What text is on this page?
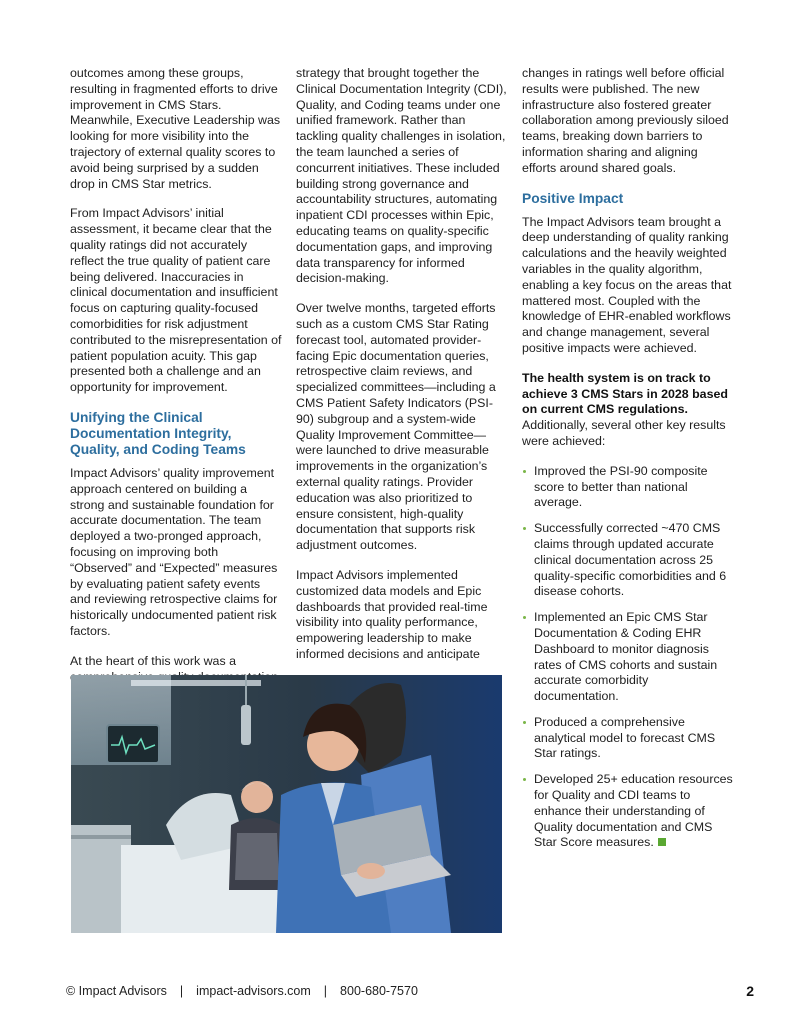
outcomes among these groups, resulting in fragmented efforts to drive improvement in CMS Stars. Meanwhile, Executive Leadership was looking for more visibility into the trajectory of external quality scores to avoid being surprised by a sudden drop in CMS Star metrics.

From Impact Advisors’ initial assessment, it became clear that the quality ratings did not accurately reflect the true quality of patient care being delivered. Inaccuracies in clinical documentation and insufficient focus on capturing quality-focused comorbidities for risk adjustment contributed to the misrepresentation of patient population acuity. This gap presented both a challenge and an opportunity for improvement.

Unifying the Clinical Documentation Integrity, Quality, and Coding Teams

Impact Advisors’ quality improvement approach centered on building a strong and sustainable foundation for accurate documentation. The team deployed a two-pronged approach, focusing on improving both “Observed” and “Expected” measures by evaluating patient safety events and reviewing retrospective claims for historically undocumented patient risk factors.

At the heart of this work was a

strategy that brought together the Clinical Documentation Integrity (CDI), Quality, and Coding teams under one unified framework. Rather than tackling quality challenges in isolation, the team launched a series of concurrent initiatives. These included building strong governance and accountability structures, automating inpatient CDI processes within Epic, educating teams on quality-specific documentation gaps, and improving data transparency for informed decision-making.

Over twelve months, targeted efforts such as a custom CMS Star Rating forecast tool, automated provider-facing Epic documentation queries, retrospective claim reviews, and specialized committees—including a CMS Patient Safety Indicators (PSI-90) subgroup and a system-wide Quality Improvement Committee—were launched to drive measurable improvements in the organization’s external quality ratings. Provider education was also prioritized to ensure consistent, high-quality documentation that supports risk adjustment outcomes.

Impact Advisors implemented customized data models and Epic dashboards that provided real-time visibility into quality performance, empowering leadership to make informed decisions and anticipate

changes in ratings well before official results were published. The new infrastructure also fostered greater collaboration among previously siloed teams, breaking down barriers to information sharing and aligning efforts around shared goals.

Positive Impact

The Impact Advisors team brought a deep understanding of quality ranking calculations and the heavily weighted variables in the quality algorithm, enabling a key focus on the areas that mattered most. Coupled with the knowledge of EHR-enabled workflows and change management, several positive impacts were achieved.

The health system is on track to achieve 3 CMS Stars in 2028 based on current CMS regulations. Additionally, several other key results were achieved:

Improved the PSI-90 composite score to better than national average.
Successfully corrected ~470 CMS claims through updated accurate clinical documentation across 25 quality-specific comorbidities and 6 disease cohorts.
Implemented an Epic CMS Star Documentation & Coding EHR Dashboard to monitor diagnosis rates of CMS cohorts and sustain accurate comorbidity documentation.
Produced a comprehensive analytical model to forecast CMS Star ratings.
Developed 25+ education resources for Quality and CDI teams to enhance their understanding of Quality documentation and CMS Star Score measures.
© Impact Advisors | impact-advisors.com | 800-680-7570	2
